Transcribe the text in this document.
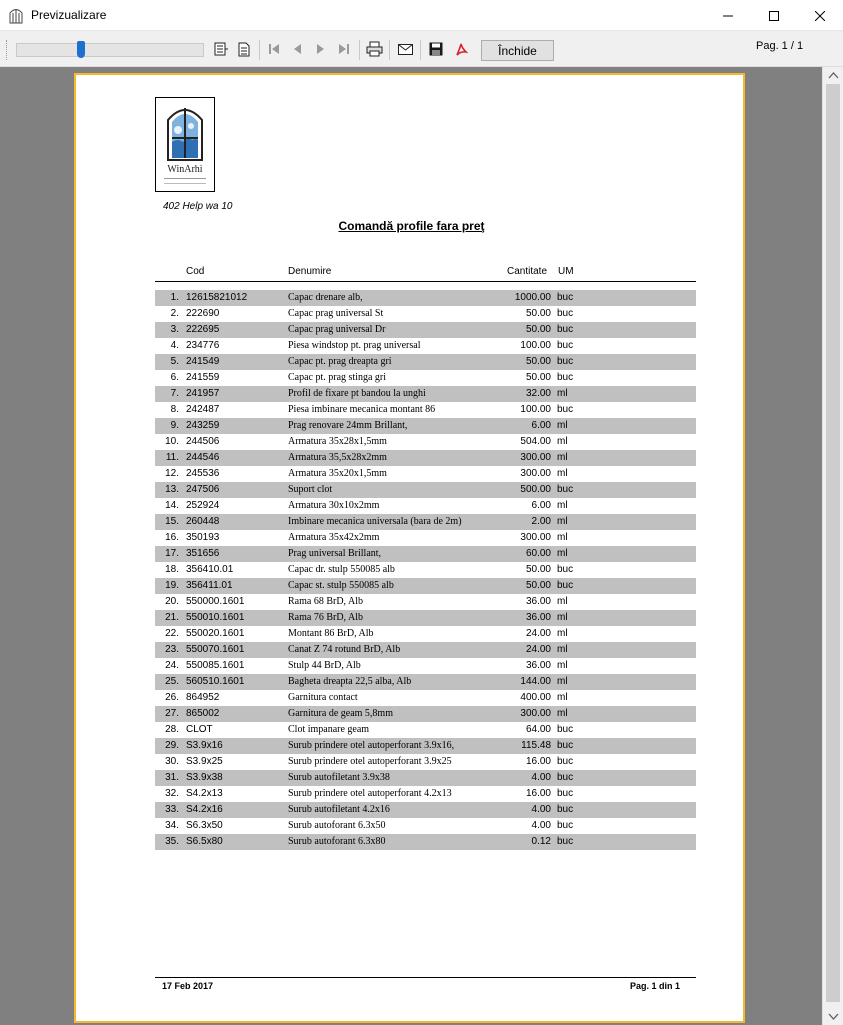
Previzualizare
Închide	Pag. 1 / 1
WinArhi
402 Help wa 10
Comandă profile fara preţ
Cod	Denumire	Cantitate UM
1. 12615821012	Capac drenare alb,	1000.00 buc
2. 222690	Capac prag universal St	50.00 buc
3. 222695	Capac prag universal Dr	50.00 buc
4. 234776	Piesa windstop pt. prag universal	100.00 buc
5. 241549	Capac pt. prag dreapta gri	50.00 buc
6. 241559	Capac pt. prag stinga gri	50.00 buc
7. 241957	Profil de fixare pt bandou la unghi	32.00 ml
8. 242487	Piesa imbinare mecanica montant 86	100.00 buc
9. 243259	Prag renovare 24mm Brillant,	6.00 ml
10. 244506	Armatura 35x28x1,5mm	504.00 ml
11. 244546	Armatura 35,5x28x2mm	300.00 ml
12. 245536	Armatura 35x20x1,5mm	300.00 ml
13. 247506	Suport clot	500.00 buc
14. 252924	Armatura 30x10x2mm	6.00 ml
15. 260448	Imbinare mecanica universala (bara de 2m)	2.00 ml
16. 350193	Armatura 35x42x2mm	300.00 ml
17. 351656	Prag universal Brillant,	60.00 ml
18. 356410.01	Capac dr. stulp 550085 alb	50.00 buc
19. 356411.01	Capac st. stulp 550085 alb	50.00 buc
20. 550000.1601	Rama 68 BrD, Alb	36.00 ml
21. 550010.1601	Rama 76 BrD, Alb	36.00 ml
22. 550020.1601	Montant 86 BrD, Alb	24.00 ml
23. 550070.1601	Canat Z 74 rotund BrD, Alb	24.00 ml
24. 550085.1601	Stulp 44 BrD, Alb	36.00 ml
25. 560510.1601	Bagheta dreapta 22,5 alba, Alb	144.00 ml
26. 864952	Garnitura contact	400.00 ml
27. 865002	Garnitura de geam 5,8mm	300.00 ml
28. CLOT	Clot impanare geam	64.00 buc
29. S3.9x16	Surub prindere otel autoperforant 3.9x16,	115.48 buc
30. S3.9x25	Surub prindere otel autoperforant 3.9x25	16.00 buc
31. S3.9x38	Surub autofiletant 3.9x38	4.00 buc
32. S4.2x13	Surub prindere otel autoperforant 4.2x13	16.00 buc
33. S4.2x16	Surub autofiletant 4.2x16	4.00 buc
34. S6.3x50	Surub autoforant 6.3x50	4.00 buc
35. S6.5x80	Surub autoforant 6.3x80	0.12 buc
17 Feb 2017	Pag. 1 din 1
